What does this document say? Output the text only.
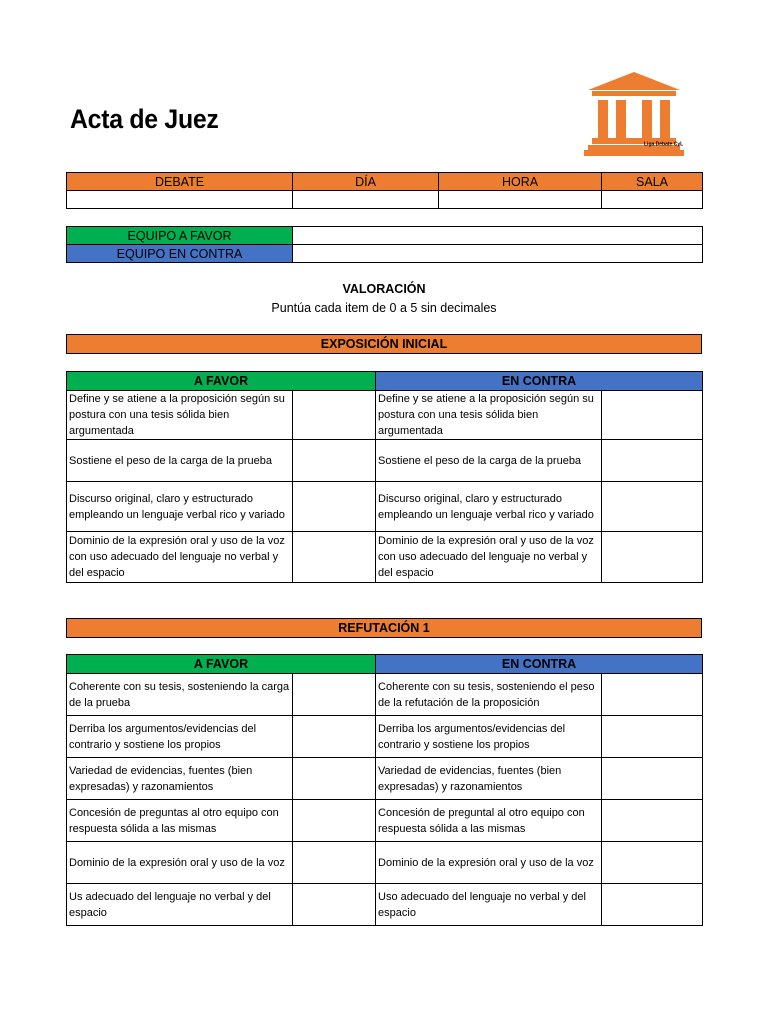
Acta de Juez
Liga Debate CyL
DEBATE	DÍA	HORA	SALA

EQUIPO A FAVOR	
EQUIPO EN CONTRA	
VALORACIÓN
Puntúa cada item de 0 a 5 sin decimales
EXPOSICIÓN INICIAL
A FAVOR		EN CONTRA	
Define y se atiene a la proposición según su postura con una tesis sólida bien argumentada		Define y se atiene a la proposición según su postura con una tesis sólida bien argumentada	
Sostiene el peso de la carga de la prueba		Sostiene el peso de la carga de la prueba	
Discurso original, claro y estructurado empleando un lenguaje verbal rico y variado		Discurso original, claro y estructurado empleando un lenguaje verbal rico y variado	
Dominio de la expresión oral y uso de la voz con uso adecuado del lenguaje no verbal y del espacio		Dominio de la expresión oral y uso de la voz con uso adecuado del lenguaje no verbal y del espacio	
REFUTACIÓN 1
A FAVOR		EN CONTRA	
Coherente con su tesis, sosteniendo la carga de la prueba		Coherente con su tesis, sosteniendo el peso de la refutación de la proposición	
Derriba los argumentos/evidencias del contrario y sostiene los propios		Derriba los argumentos/evidencias del contrario y sostiene los propios	
Variedad de evidencias, fuentes (bien expresadas) y razonamientos		Variedad de evidencias, fuentes (bien expresadas) y razonamientos	
Concesión de preguntas al otro equipo con respuesta sólida a las mismas		Concesión de preguntal al otro equipo con respuesta sólida a las mismas	
Dominio de la expresión oral y uso de la voz		Dominio de la expresión oral y uso de la voz	
Us adecuado del lenguaje no verbal y del espacio		Uso adecuado del lenguaje no verbal y del espacio	
